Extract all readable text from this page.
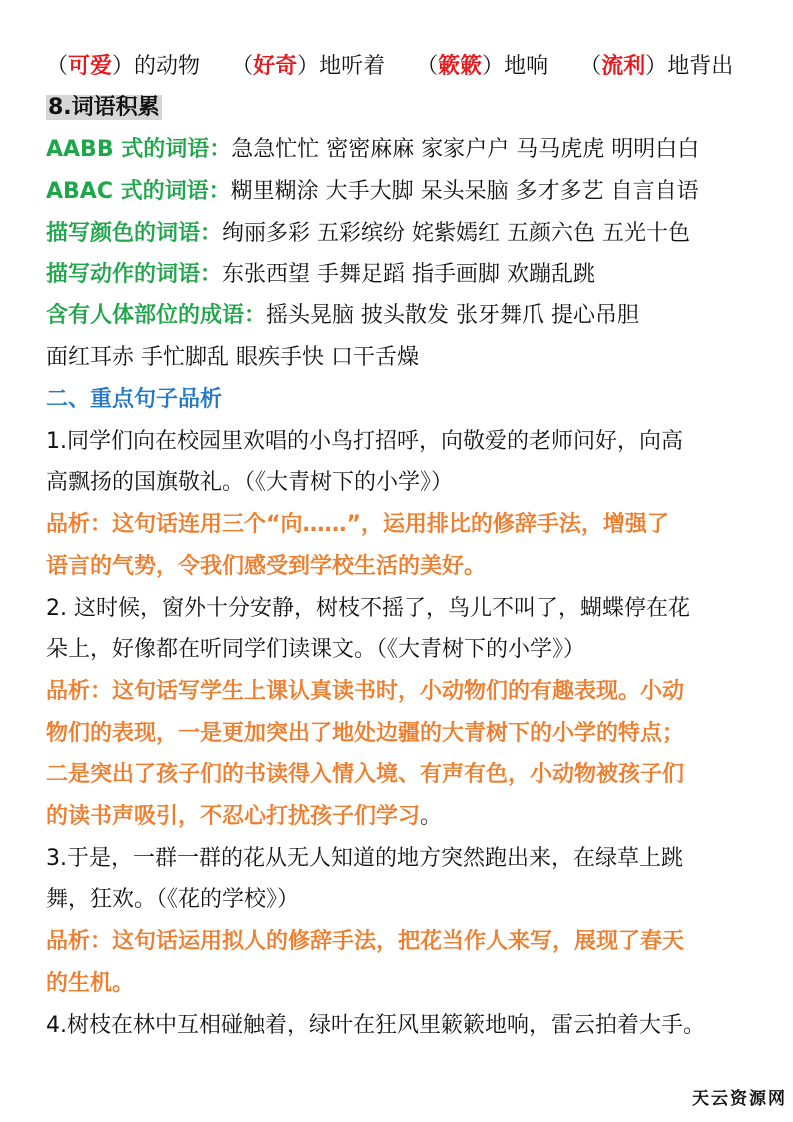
（可爱）的动物 （好奇）地听着 （簌簌）地响 （流利）地背出
8.词语积累
AABB 式的词语：急急忙忙 密密麻麻 家家户户 马马虎虎 明明白白
ABAC 式的词语：糊里糊涂 大手大脚 呆头呆脑 多才多艺 自言自语
描写颜色的词语：绚丽多彩 五彩缤纷 姹紫嫣红 五颜六色 五光十色
描写动作的词语：东张西望 手舞足蹈 指手画脚 欢蹦乱跳
含有人体部位的成语：摇头晃脑 披头散发 张牙舞爪 提心吊胆
面红耳赤 手忙脚乱 眼疾手快 口干舌燥
二、重点句子品析
1.同学们向在校园里欢唱的小鸟打招呼，向敬爱的老师问好，向高
高飘扬的国旗敬礼。（《大青树下的小学》）
品析：这句话连用三个“向……”，运用排比的修辞手法，增强了
语言的气势，令我们感受到学校生活的美好。
2. 这时候，窗外十分安静，树枝不摇了，鸟儿不叫了，蝴蝶停在花
朵上，好像都在听同学们读课文。（《大青树下的小学》）
品析：这句话写学生上课认真读书时，小动物们的有趣表现。小动
物们的表现，一是更加突出了地处边疆的大青树下的小学的特点；
二是突出了孩子们的书读得入情入境、有声有色，小动物被孩子们
的读书声吸引，不忍心打扰孩子们学习。
3.于是，一群一群的花从无人知道的地方突然跑出来，在绿草上跳
舞，狂欢。（《花的学校》）
品析：这句话运用拟人的修辞手法，把花当作人来写，展现了春天
的生机。
4.树枝在林中互相碰触着，绿叶在狂风里簌簌地响，雷云拍着大手。
天云资源网
